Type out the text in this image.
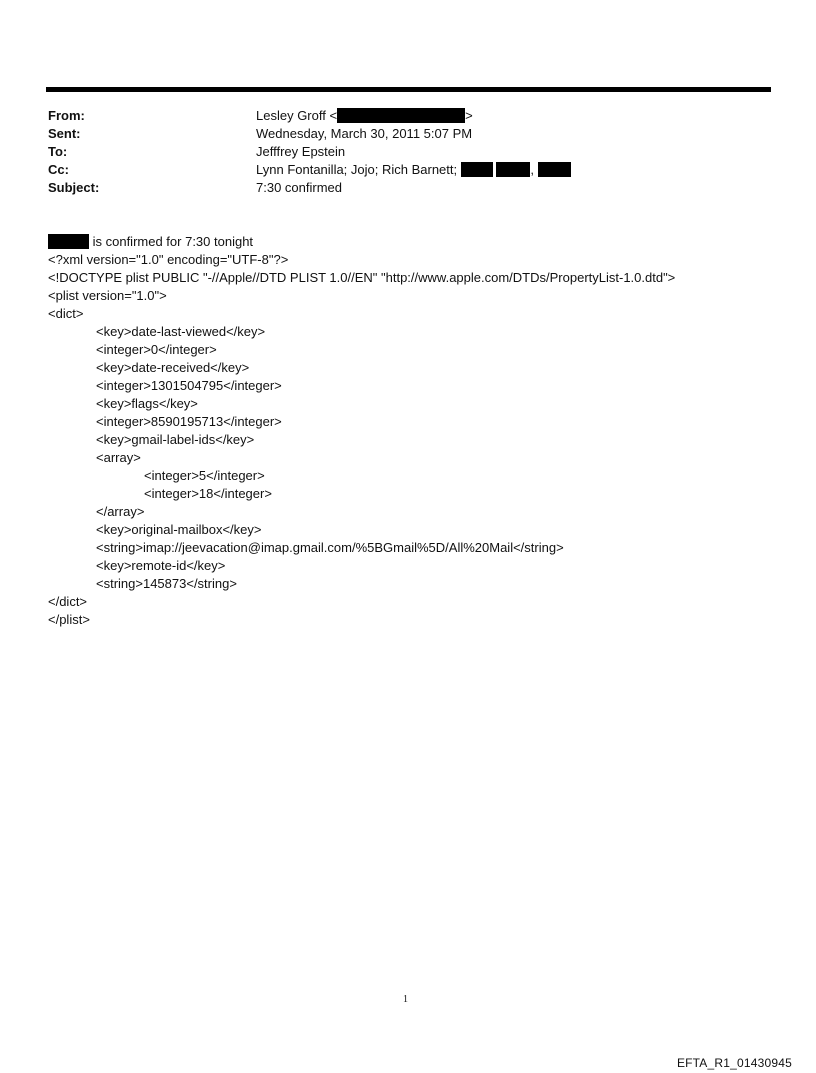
From:	Lesley Groff <	>
Sent:	Wednesday, March 30, 2011 5:07 PM
To:	Jefffrey Epstein
Cc:	Lynn Fontanilla; Jojo; Rich Barnett;	,
Subject:	7:30 confirmed
is confirmed for 7:30 tonight
<?xml version="1.0" encoding="UTF-8"?>
<!DOCTYPE plist PUBLIC "-//Apple//DTD PLIST 1.0//EN" "http://www.apple.com/DTDs/PropertyList-1.0.dtd">
<plist version="1.0">
<dict>
<key>date-last-viewed</key>
<integer>0</integer>
<key>date-received</key>
<integer>1301504795</integer>
<key>flags</key>
<integer>8590195713</integer>
<key>gmail-label-ids</key>
<array>
<integer>5</integer>
<integer>18</integer>
</array>
<key>original-mailbox</key>
<string>imap://jeevacation@imap.gmail.com/%5BGmail%5D/All%20Mail</string>
<key>remote-id</key>
<string>145873</string>
</dict>
</plist>
1
EFTA_R1_01430945
